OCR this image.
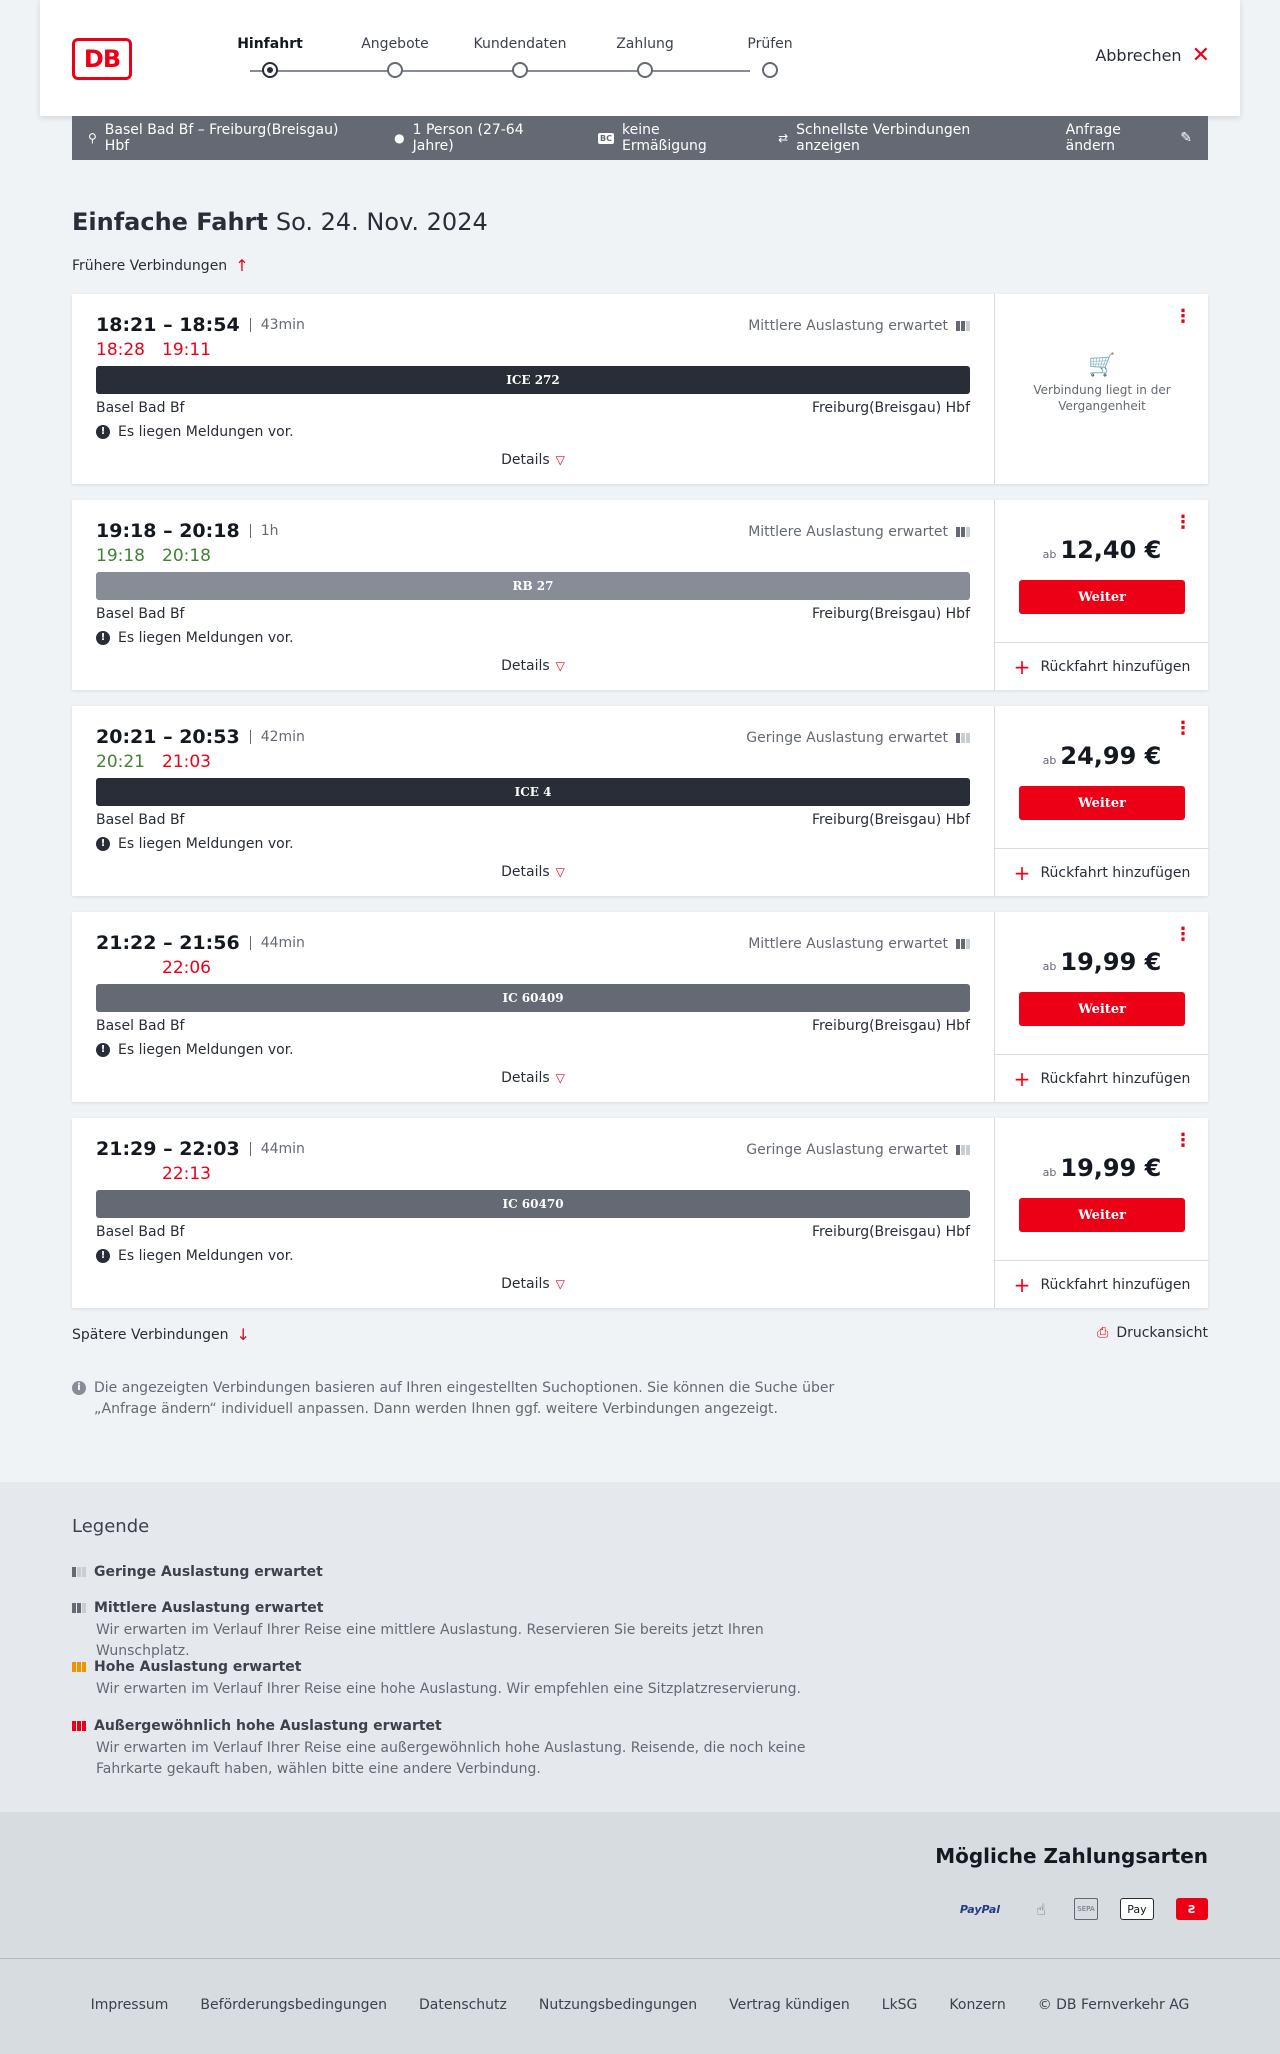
DB
Hinfahrt	Angebote	Kundendaten	Zahlung	Prüfen
Abbrechen ✕
⚲ Basel Bad Bf – Freiburg(Breisgau) Hbf	● 1 Person (27-64 Jahre)	BC keine Ermäßigung	⇄ Schnellste Verbindungen anzeigen
Anfrage ändern	✎
Einfache Fahrt So. 24. Nov. 2024
Frühere Verbindungen ↑
18:21 – 18:54	43min
18:28	19:11
Mittlere Auslastung erwartet
ICE 272
Basel Bad Bf	Freiburg(Breisgau) Hbf
! Es liegen Meldungen vor.
Details ▽
⋮
🛒
Verbindung liegt in der Vergangenheit
19:18 – 20:18	1h
19:18	20:18
Mittlere Auslastung erwartet
RB 27
Basel Bad Bf	Freiburg(Breisgau) Hbf
! Es liegen Meldungen vor.
Details ▽
⋮
ab 12,40 €
Weiter
+ Rückfahrt hinzufügen
20:21 – 20:53	42min
20:21	21:03
Geringe Auslastung erwartet
ICE 4
Basel Bad Bf	Freiburg(Breisgau) Hbf
! Es liegen Meldungen vor.
Details ▽
⋮
ab 24,99 €
Weiter
+ Rückfahrt hinzufügen
21:22 – 21:56	44min
22:06
Mittlere Auslastung erwartet
IC 60409
Basel Bad Bf	Freiburg(Breisgau) Hbf
! Es liegen Meldungen vor.
Details ▽
⋮
ab 19,99 €
Weiter
+ Rückfahrt hinzufügen
21:29 – 22:03	44min
22:13
Geringe Auslastung erwartet
IC 60470
Basel Bad Bf	Freiburg(Breisgau) Hbf
! Es liegen Meldungen vor.
Details ▽
⋮
ab 19,99 €
Weiter
+ Rückfahrt hinzufügen
Spätere Verbindungen ↓	⎙ Druckansicht
i Die angezeigten Verbindungen basieren auf Ihren eingestellten Suchoptionen. Sie können die Suche über „Anfrage ändern“ individuell anpassen. Dann werden Ihnen ggf. weitere Verbindungen angezeigt.
Legende
Geringe Auslastung erwartet
Mittlere Auslastung erwartet
Wir erwarten im Verlauf Ihrer Reise eine mittlere Auslastung. Reservieren Sie bereits jetzt Ihren Wunschplatz.
Hohe Auslastung erwartet
Wir erwarten im Verlauf Ihrer Reise eine hohe Auslastung. Wir empfehlen eine Sitzplatzreservierung.
Außergewöhnlich hohe Auslastung erwartet
Wir erwarten im Verlauf Ihrer Reise eine außergewöhnlich hohe Auslastung. Reisende, die noch keine Fahrkarte gekauft haben, wählen bitte eine andere Verbindung.
Mögliche Zahlungsarten
PayPal	☝	SEPA	Pay	Ƨ
Impressum Beförderungsbedingungen Datenschutz Nutzungsbedingungen Vertrag kündigen LkSG Konzern © DB Fernverkehr AG
